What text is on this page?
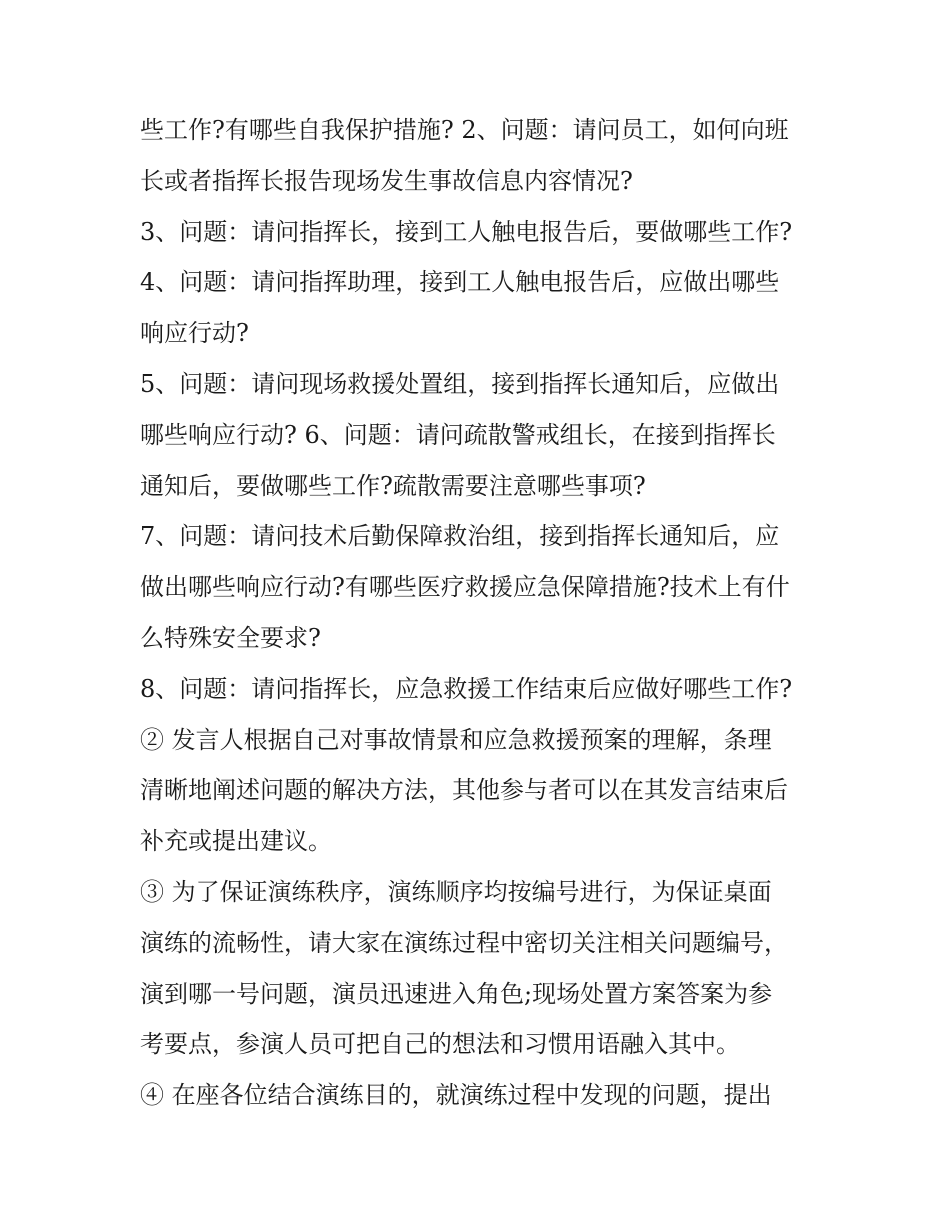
些工作?有哪些自我保护措施? 2、问题：请问员工，如何向班
长或者指挥长报告现场发生事故信息内容情况?
3、问题：请问指挥长，接到工人触电报告后，要做哪些工作?
4、问题：请问指挥助理，接到工人触电报告后，应做出哪些
响应行动?
5、问题：请问现场救援处置组，接到指挥长通知后，应做出
哪些响应行动? 6、问题：请问疏散警戒组长，在接到指挥长
通知后，要做哪些工作?疏散需要注意哪些事项?
7、问题：请问技术后勤保障救治组，接到指挥长通知后，应
做出哪些响应行动?有哪些医疗救援应急保障措施?技术上有什
么特殊安全要求?
8、问题：请问指挥长，应急救援工作结束后应做好哪些工作?
② 发言人根据自己对事故情景和应急救援预案的理解，条理
清晰地阐述问题的解决方法，其他参与者可以在其发言结束后
补充或提出建议。
③ 为了保证演练秩序，演练顺序均按编号进行，为保证桌面
演练的流畅性，请大家在演练过程中密切关注相关问题编号，
演到哪一号问题，演员迅速进入角色;现场处置方案答案为参
考要点，参演人员可把自己的想法和习惯用语融入其中。
④ 在座各位结合演练目的，就演练过程中发现的问题，提出
